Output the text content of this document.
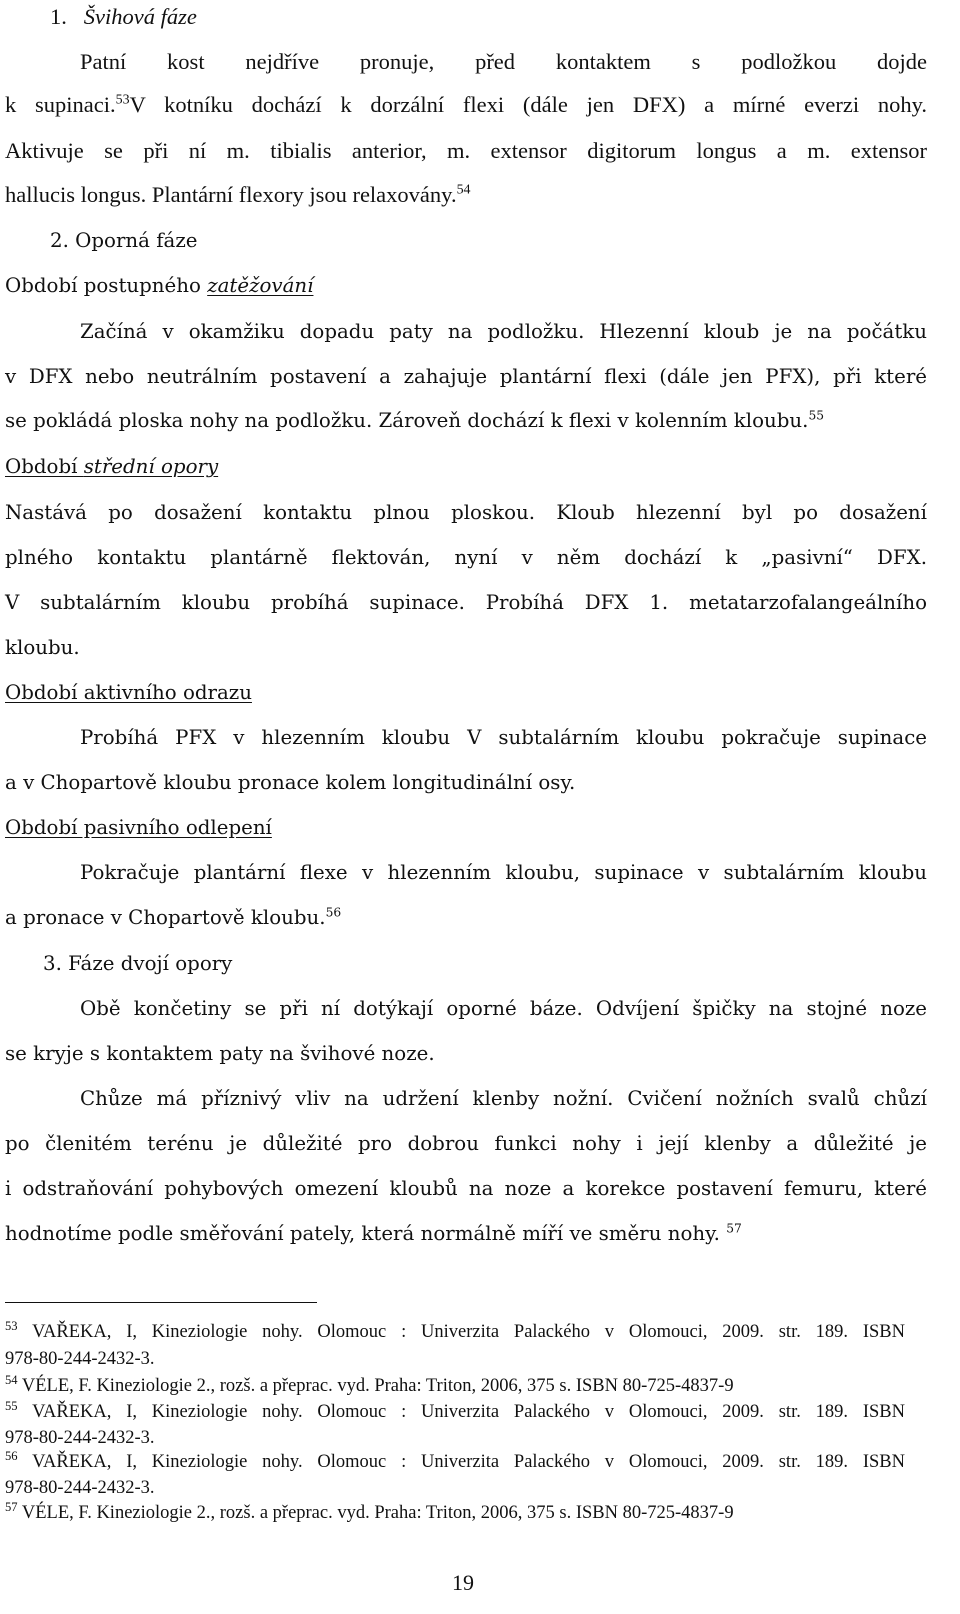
1. Švihová fáze
Patní kost nejdříve pronuje, před kontaktem s podložkou dojde
k supinaci.$^{53}$V kotníku dochází k dorzální flexi (dále jen DFX) a mírné everzi nohy.
Aktivuje se při ní m. tibialis anterior, m. extensor digitorum longus a m. extensor
hallucis longus. Plantární flexory jsou relaxovány.$^{54}$
2. Oporná fáze
Období postupného zatěžování
Začíná v okamžiku dopadu paty na podložku. Hlezenní kloub je na počátku
v DFX nebo neutrálním postavení a zahajuje plantární flexi (dále jen PFX), při které
se pokládá ploska nohy na podložku. Zároveň dochází k flexi v kolenním kloubu.$^{55}$
Období střední opory
Nastává po dosažení kontaktu plnou ploskou. Kloub hlezenní byl po dosažení
plného kontaktu plantárně flektován, nyní v něm dochází k „pasivní“ DFX.
V subtalárním kloubu probíhá supinace. Probíhá DFX 1. metatarzofalangeálního
kloubu.
Období aktivního odrazu
Probíhá PFX v hlezenním kloubu V subtalárním kloubu pokračuje supinace
a v Chopartově kloubu pronace kolem longitudinální osy.
Období pasivního odlepení
Pokračuje plantární flexe v hlezenním kloubu, supinace v subtalárním kloubu
a pronace v Chopartově kloubu.$^{56}$
3. Fáze dvojí opory
Obě končetiny se při ní dotýkají oporné báze. Odvíjení špičky na stojné noze
se kryje s kontaktem paty na švihové noze.
Chůze má příznivý vliv na udržení klenby nožní. Cvičení nožních svalů chůzí
po členitém terénu je důležité pro dobrou funkci nohy i její klenby a důležité je
i odstraňování pohybových omezení kloubů na noze a korekce postavení femuru, které
hodnotíme podle směřování pately, která normálně míří ve směru nohy. $^{57}$
$^{53}$ VAŘEKA, I, Kineziologie nohy. Olomouc : Univerzita Palackého v Olomouci, 2009. str. 189. ISBN
978-80-244-2432-3.
$^{54}$ VÉLE, F. Kineziologie 2., rozš. a přeprac. vyd. Praha: Triton, 2006, 375 s. ISBN 80-725-4837-9
$^{55}$ VAŘEKA, I, Kineziologie nohy. Olomouc : Univerzita Palackého v Olomouci, 2009. str. 189. ISBN
978-80-244-2432-3.
$^{56}$ VAŘEKA, I, Kineziologie nohy. Olomouc : Univerzita Palackého v Olomouci, 2009. str. 189. ISBN
978-80-244-2432-3.
$^{57}$ VÉLE, F. Kineziologie 2., rozš. a přeprac. vyd. Praha: Triton, 2006, 375 s. ISBN 80-725-4837-9
19
